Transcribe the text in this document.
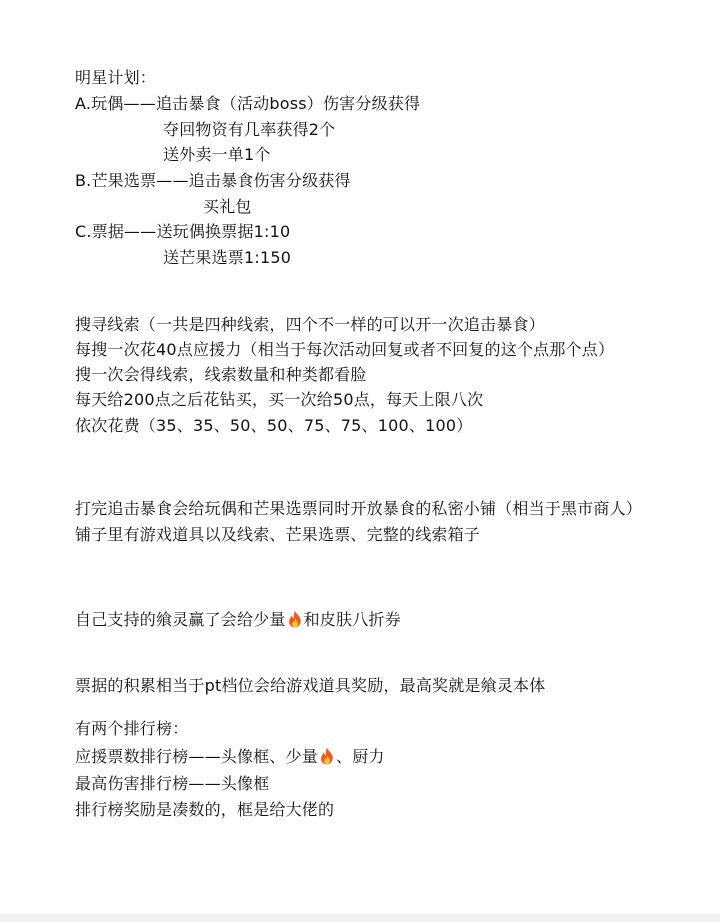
明星计划：
A.玩偶——追击暴食（活动boss）伤害分级获得
夺回物资有几率获得2个
送外卖一单1个
B.芒果选票——追击暴食伤害分级获得
买礼包
C.票据——送玩偶换票据1:10
送芒果选票1:150
搜寻线索（一共是四种线索，四个不一样的可以开一次追击暴食）
每搜一次花40点应援力（相当于每次活动回复或者不回复的这个点那个点）
搜一次会得线索，线索数量和种类都看脸
每天给200点之后花钻买，买一次给50点，每天上限八次
依次花费（35、35、50、50、75、75、100、100）
打完追击暴食会给玩偶和芒果选票同时开放暴食的私密小铺（相当于黑市商人）
铺子里有游戏道具以及线索、芒果选票、完整的线索箱子
自己支持的飨灵赢了会给少量 和皮肤八折券
票据的积累相当于pt档位会给游戏道具奖励，最高奖就是飨灵本体
有两个排行榜：
应援票数排行榜——头像框、少量 、厨力
最高伤害排行榜——头像框
排行榜奖励是凑数的，框是给大佬的
